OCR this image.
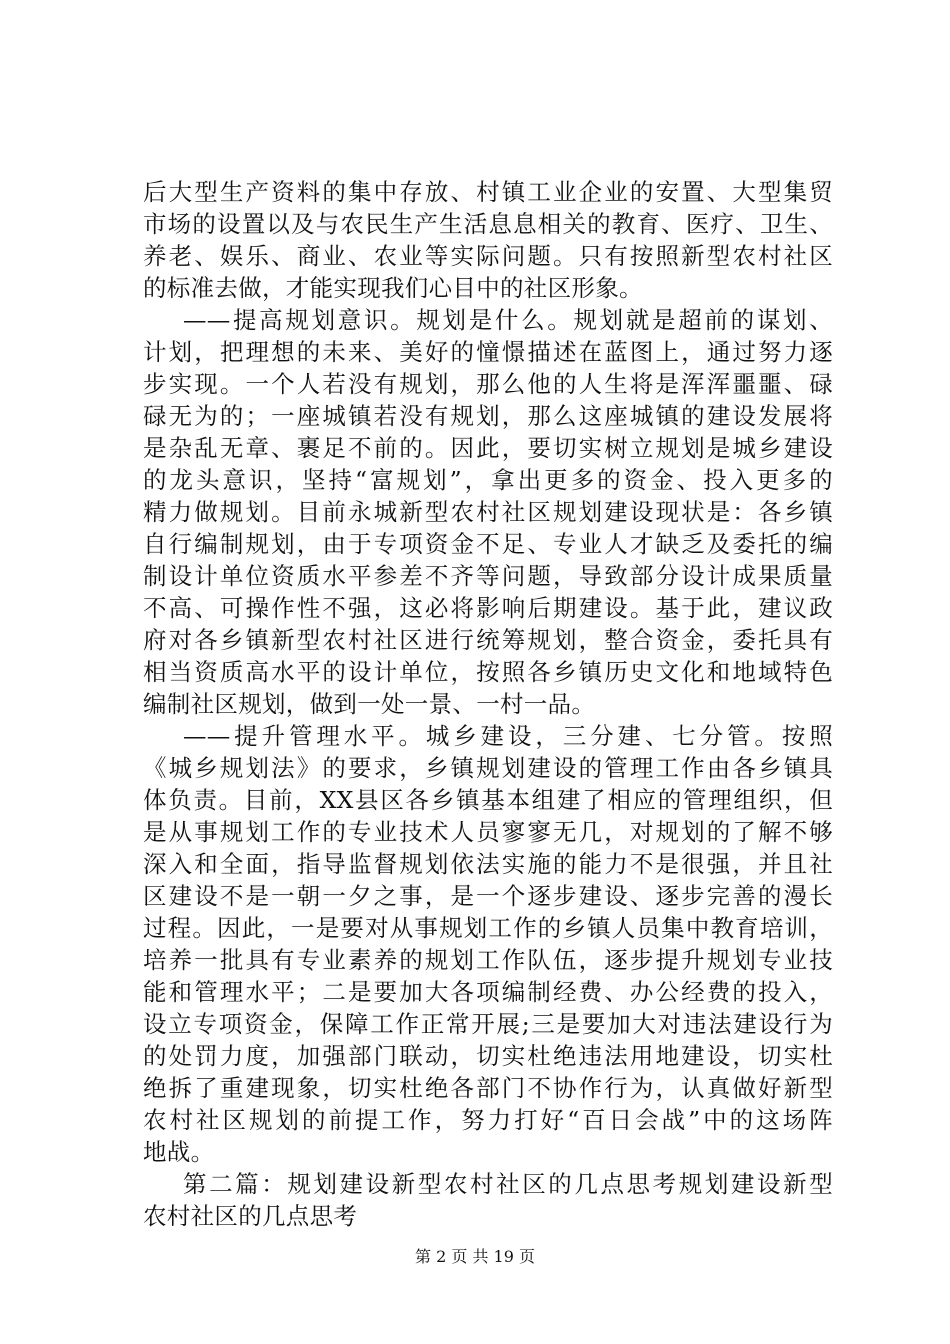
后大型生产资料的集中存放、村镇工业企业的安置、大型集贸
市场的设置以及与农民生产生活息息相关的教育、医疗、卫生、
养老、娱乐、商业、农业等实际问题。只有按照新型农村社区
的标准去做，才能实现我们心目中的社区形象。
——提高规划意识。规划是什么。规划就是超前的谋划、
计划，把理想的未来、美好的憧憬描述在蓝图上，通过努力逐
步实现。一个人若没有规划，那么他的人生将是浑浑噩噩、碌
碌无为的；一座城镇若没有规划，那么这座城镇的建设发展将
是杂乱无章、裹足不前的。因此，要切实树立规划是城乡建设
的龙头意识，坚持“富规划”，拿出更多的资金、投入更多的
精力做规划。目前永城新型农村社区规划建设现状是：各乡镇
自行编制规划，由于专项资金不足、专业人才缺乏及委托的编
制设计单位资质水平参差不齐等问题，导致部分设计成果质量
不高、可操作性不强，这必将影响后期建设。基于此，建议政
府对各乡镇新型农村社区进行统筹规划，整合资金，委托具有
相当资质高水平的设计单位，按照各乡镇历史文化和地域特色
编制社区规划，做到一处一景、一村一品。
——提升管理水平。城乡建设，三分建、七分管。按照
《城乡规划法》的要求，乡镇规划建设的管理工作由各乡镇具
体负责。目前，XX县区各乡镇基本组建了相应的管理组织，但
是从事规划工作的专业技术人员寥寥无几，对规划的了解不够
深入和全面，指导监督规划依法实施的能力不是很强，并且社
区建设不是一朝一夕之事，是一个逐步建设、逐步完善的漫长
过程。因此，一是要对从事规划工作的乡镇人员集中教育培训，
培养一批具有专业素养的规划工作队伍，逐步提升规划专业技
能和管理水平；二是要加大各项编制经费、办公经费的投入，
设立专项资金，保障工作正常开展;三是要加大对违法建设行为
的处罚力度，加强部门联动，切实杜绝违法用地建设，切实杜
绝拆了重建现象，切实杜绝各部门不协作行为，认真做好新型
农村社区规划的前提工作，努力打好“百日会战”中的这场阵
地战。
第二篇：规划建设新型农村社区的几点思考规划建设新型
农村社区的几点思考
第 2 页 共 19 页
